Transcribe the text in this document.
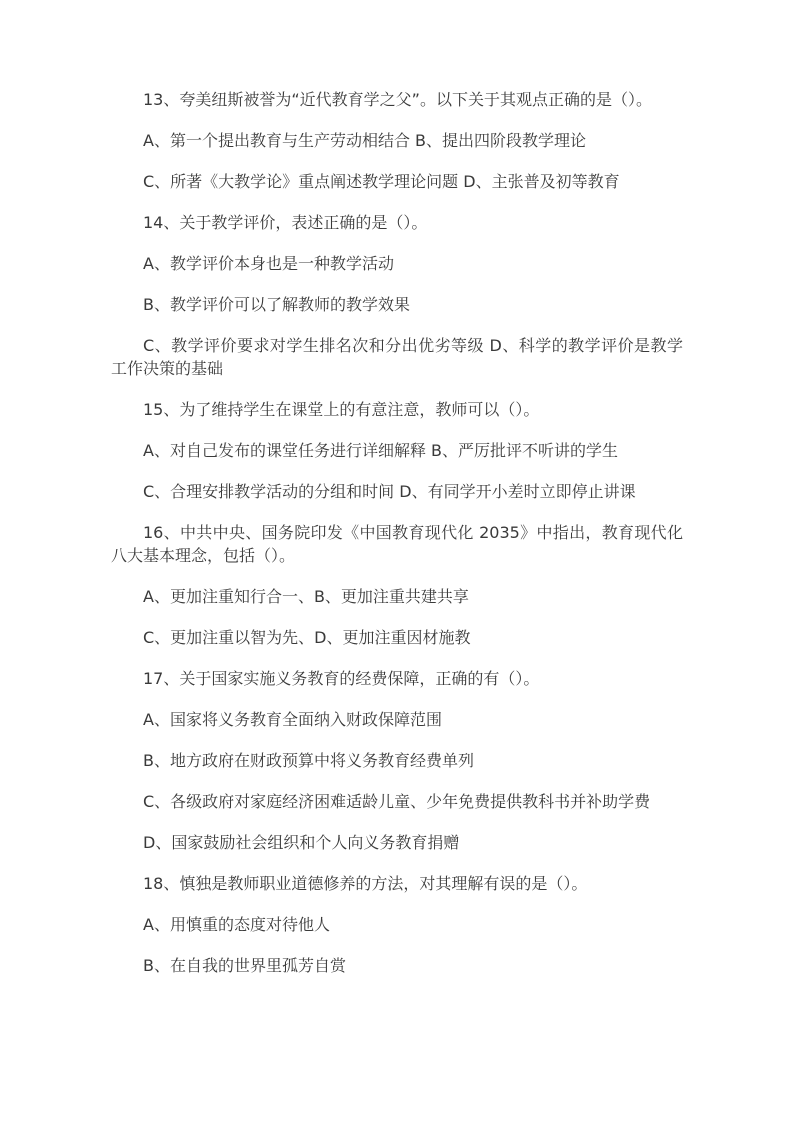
13、夸美纽斯被誉为“近代教育学之父”。以下关于其观点正确的是（）。

A、第一个提出教育与生产劳动相结合 B、提出四阶段教学理论

C、所著《大教学论》重点阐述教学理论问题 D、主张普及初等教育

14、关于教学评价，表述正确的是（）。

A、教学评价本身也是一种教学活动

B、教学评价可以了解教师的教学效果

C、教学评价要求对学生排名次和分出优劣等级 D、科学的教学评价是教学工作决策的基础

15、为了维持学生在课堂上的有意注意，教师可以（）。

A、对自己发布的课堂任务进行详细解释 B、严厉批评不听讲的学生

C、合理安排教学活动的分组和时间 D、有同学开小差时立即停止讲课

16、中共中央、国务院印发《中国教育现代化 2035》中指出，教育现代化八大基本理念，包括（）。

A、更加注重知行合一、B、更加注重共建共享

C、更加注重以智为先、D、更加注重因材施教

17、关于国家实施义务教育的经费保障，正确的有（）。

A、国家将义务教育全面纳入财政保障范围

B、地方政府在财政预算中将义务教育经费单列

C、各级政府对家庭经济困难适龄儿童、少年免费提供教科书并补助学费

D、国家鼓励社会组织和个人向义务教育捐赠

18、慎独是教师职业道德修养的方法，对其理解有误的是（）。

A、用慎重的态度对待他人

B、在自我的世界里孤芳自赏
